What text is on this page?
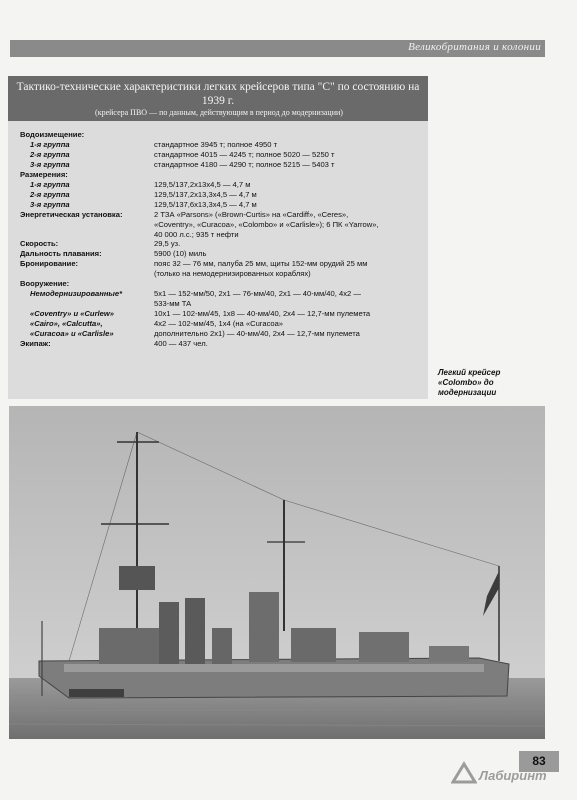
Великобритания и колонии
Тактико-технические характеристики легких крейсеров типа "C" по состоянию на 1939 г.
(крейсера ПВО — по данным, действующим в период до модернизации)
Водоизмещение:
1-я группа	стандартное 3945 т; полное 4950 т
2-я группа	стандартное 4015 — 4245 т; полное 5020 — 5250 т
3-я группа	стандартное 4180 — 4290 т; полное 5215 — 5403 т
Размерения:
1-я группа	129,5/137,2x13x4,5 — 4,7 м
2-я группа	129,5/137,2x13,3x4,5 — 4,7 м
3-я группа	129,5/137,6x13,3x4,5 — 4,7 м
Энергетическая установка:	2 ТЗА «Parsons» («Brown-Curtis» на «Cardiff», «Ceres»,
«Coventry», «Curacoa», «Colombo» и «Carlisle»); 6 ПК «Yarrow»,
40 000 л.с.; 935 т нефти
Скорость:	29,5 уз.
Дальность плавания:	5900 (10) миль
Бронирование:	пояс 32 — 76 мм, палуба 25 мм, щиты 152-мм орудий 25 мм
(только на немодернизированных кораблях)
Вооружение:
Немодернизированные*	5x1 — 152-мм/50, 2x1 — 76-мм/40, 2x1 — 40-мм/40, 4x2 —
533-мм ТА
«Coventry» и «Curlew»	10x1 — 102-мм/45, 1x8 — 40-мм/40, 2x4 — 12,7-мм пулемета
«Cairo», «Calcutta»,	4x2 — 102-мм/45, 1x4 (на «Curacoa»
«Curacoa» и «Carlisle»	дополнительно 2x1) — 40-мм/40, 2x4 — 12,7-мм пулемета
Экипаж:	400 — 437 чел.
Легкий крейсер
«Colombo» до
модернизации
83
Лабиринт
